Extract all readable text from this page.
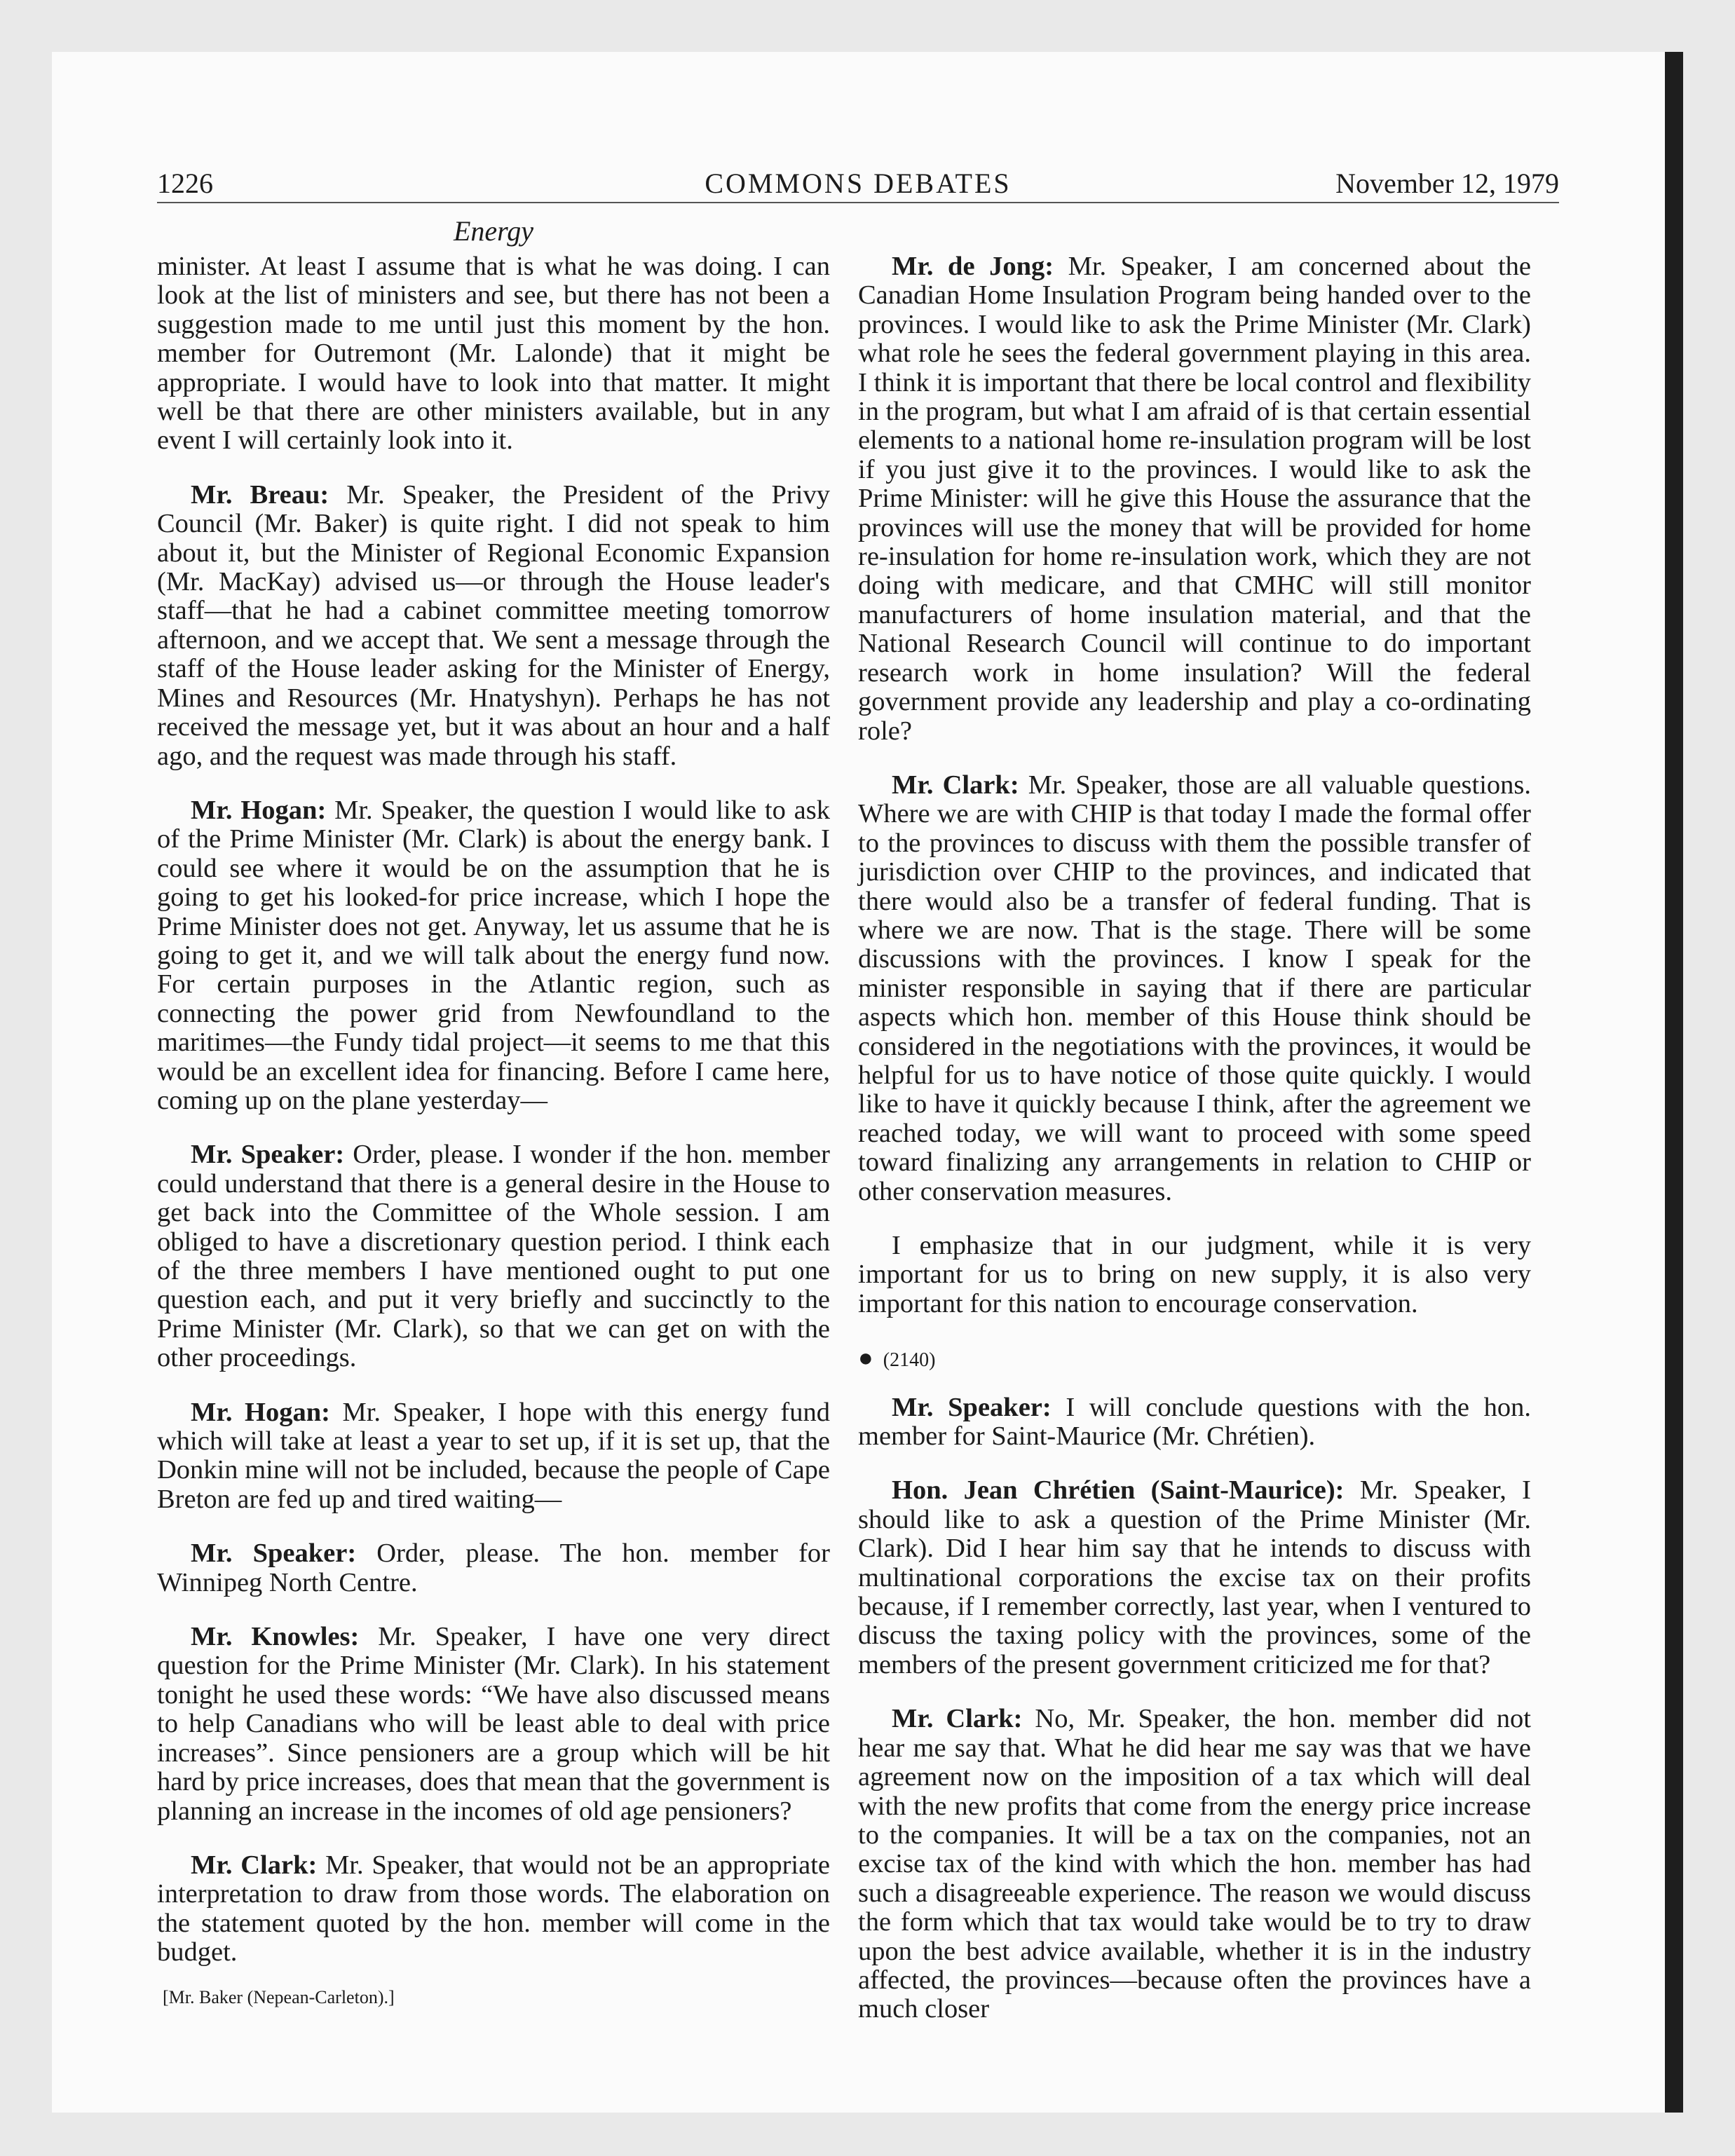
1226	COMMONS DEBATES	November 12, 1979
Energy

minister. At least I assume that is what he was doing. I can look at the list of ministers and see, but there has not been a suggestion made to me until just this moment by the hon. member for Outremont (Mr. Lalonde) that it might be appropriate. I would have to look into that matter. It might well be that there are other ministers available, but in any event I will certainly look into it.

Mr. Breau: Mr. Speaker, the President of the Privy Council (Mr. Baker) is quite right. I did not speak to him about it, but the Minister of Regional Economic Expansion (Mr. MacKay) advised us—or through the House leader's staff—that he had a cabinet committee meeting tomorrow afternoon, and we accept that. We sent a message through the staff of the House leader asking for the Minister of Energy, Mines and Resources (Mr. Hnatyshyn). Perhaps he has not received the message yet, but it was about an hour and a half ago, and the request was made through his staff.

Mr. Hogan: Mr. Speaker, the question I would like to ask of the Prime Minister (Mr. Clark) is about the energy bank. I could see where it would be on the assumption that he is going to get his looked-for price increase, which I hope the Prime Minister does not get. Anyway, let us assume that he is going to get it, and we will talk about the energy fund now. For certain purposes in the Atlantic region, such as connecting the power grid from Newfoundland to the maritimes—the Fundy tidal project—it seems to me that this would be an excellent idea for financing. Before I came here, coming up on the plane yesterday—

Mr. Speaker: Order, please. I wonder if the hon. member could understand that there is a general desire in the House to get back into the Committee of the Whole session. I am obliged to have a discretionary question period. I think each of the three members I have mentioned ought to put one question each, and put it very briefly and succinctly to the Prime Minister (Mr. Clark), so that we can get on with the other proceedings.

Mr. Hogan: Mr. Speaker, I hope with this energy fund which will take at least a year to set up, if it is set up, that the Donkin mine will not be included, because the people of Cape Breton are fed up and tired waiting—

Mr. Speaker: Order, please. The hon. member for Winnipeg North Centre.

Mr. Knowles: Mr. Speaker, I have one very direct question for the Prime Minister (Mr. Clark). In his statement tonight he used these words: “We have also discussed means to help Canadians who will be least able to deal with price increases”. Since pensioners are a group which will be hit hard by price increases, does that mean that the government is planning an increase in the incomes of old age pensioners?

Mr. Clark: Mr. Speaker, that would not be an appropriate interpretation to draw from those words. The elaboration on the statement quoted by the hon. member will come in the budget.

[Mr. Baker (Nepean-Carleton).]

Mr. de Jong: Mr. Speaker, I am concerned about the Canadian Home Insulation Program being handed over to the provinces. I would like to ask the Prime Minister (Mr. Clark) what role he sees the federal government playing in this area. I think it is important that there be local control and flexibility in the program, but what I am afraid of is that certain essential elements to a national home re-insulation program will be lost if you just give it to the provinces. I would like to ask the Prime Minister: will he give this House the assurance that the provinces will use the money that will be provided for home re-insulation for home re-insulation work, which they are not doing with medicare, and that CMHC will still monitor manufacturers of home insulation material, and that the National Research Council will continue to do important research work in home insulation? Will the federal government provide any leadership and play a co-ordinating role?

Mr. Clark: Mr. Speaker, those are all valuable questions. Where we are with CHIP is that today I made the formal offer to the provinces to discuss with them the possible transfer of jurisdiction over CHIP to the provinces, and indicated that there would also be a transfer of federal funding. That is where we are now. That is the stage. There will be some discussions with the provinces. I know I speak for the minister responsible in saying that if there are particular aspects which hon. member of this House think should be considered in the negotiations with the provinces, it would be helpful for us to have notice of those quite quickly. I would like to have it quickly because I think, after the agreement we reached today, we will want to proceed with some speed toward finalizing any arrangements in relation to CHIP or other conservation measures.

I emphasize that in our judgment, while it is very important for us to bring on new supply, it is also very important for this nation to encourage conservation.

● (2140)

Mr. Speaker: I will conclude questions with the hon. member for Saint-Maurice (Mr. Chrétien).

Hon. Jean Chrétien (Saint-Maurice): Mr. Speaker, I should like to ask a question of the Prime Minister (Mr. Clark). Did I hear him say that he intends to discuss with multinational corporations the excise tax on their profits because, if I remember correctly, last year, when I ventured to discuss the taxing policy with the provinces, some of the members of the present government criticized me for that?

Mr. Clark: No, Mr. Speaker, the hon. member did not hear me say that. What he did hear me say was that we have agreement now on the imposition of a tax which will deal with the new profits that come from the energy price increase to the companies. It will be a tax on the companies, not an excise tax of the kind with which the hon. member has had such a disagreeable experience. The reason we would discuss the form which that tax would take would be to try to draw upon the best advice available, whether it is in the industry affected, the provinces—because often the provinces have a much closer
